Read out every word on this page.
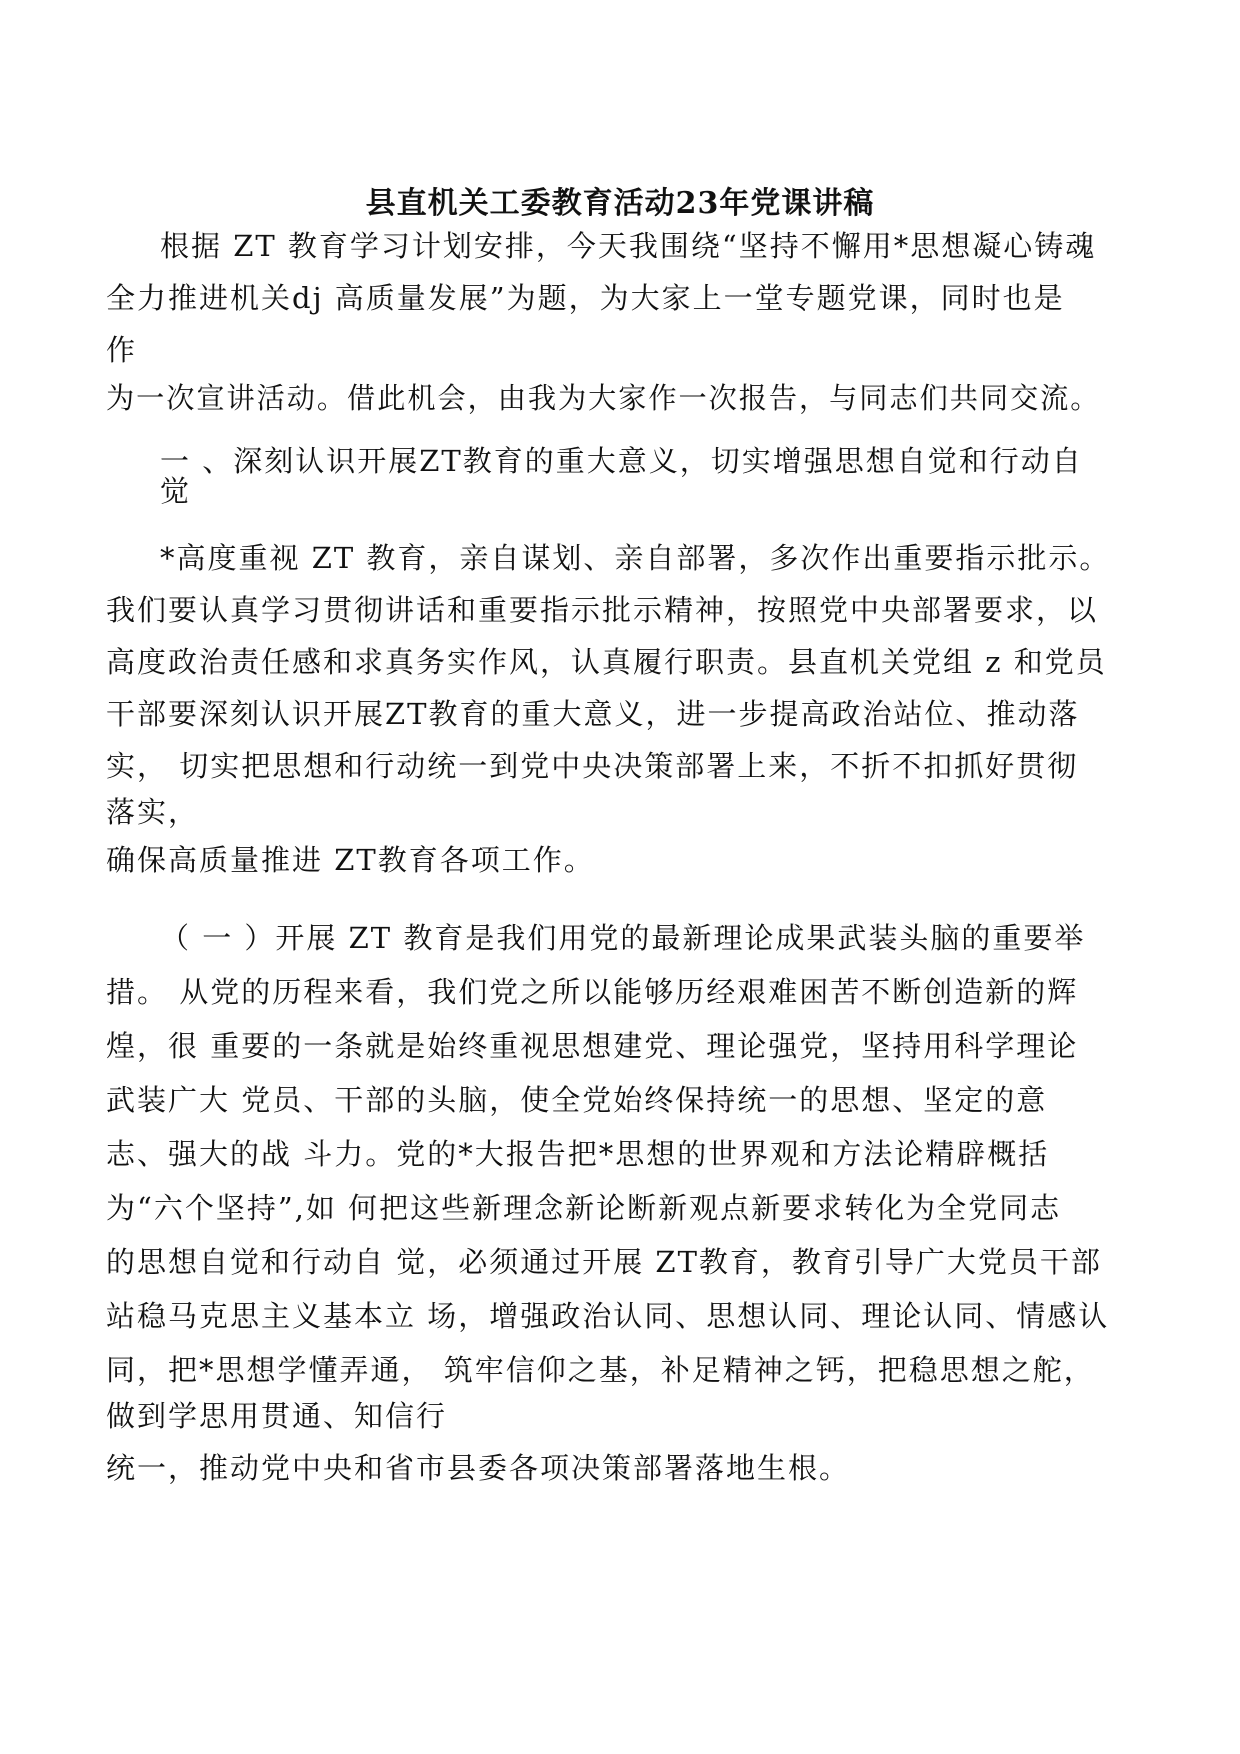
县直机关工委教育活动23年党课讲稿
根据 ZT 教育学习计划安排，今天我围绕“坚持不懈用*思想凝心铸魂
全力推进机关dj 高质量发展”为题，为大家上一堂专题党课，同时也是
作
为一次宣讲活动。借此机会，由我为大家作一次报告，与同志们共同交流。
一 、深刻认识开展ZT教育的重大意义，切实增强思想自觉和行动自
觉
*高度重视 ZT 教育，亲自谋划、亲自部署，多次作出重要指示批示。
我们要认真学习贯彻讲话和重要指示批示精神，按照党中央部署要求，以
高度政治责任感和求真务实作风，认真履行职责。县直机关党组 z 和党员
干部要深刻认识开展ZT教育的重大意义，进一步提高政治站位、推动落
实， 切实把思想和行动统一到党中央决策部署上来，不折不扣抓好贯彻
落实，
确保高质量推进 ZT教育各项工作。
（ 一 ）开展 ZT 教育是我们用党的最新理论成果武装头脑的重要举
措。 从党的历程来看，我们党之所以能够历经艰难困苦不断创造新的辉
煌，很 重要的一条就是始终重视思想建党、理论强党，坚持用科学理论
武装广大 党员、干部的头脑，使全党始终保持统一的思想、坚定的意
志、强大的战 斗力。党的*大报告把*思想的世界观和方法论精辟概括
为“六个坚持”,如 何把这些新理念新论断新观点新要求转化为全党同志
的思想自觉和行动自 觉，必须通过开展 ZT教育，教育引导广大党员干部
站稳马克思主义基本立 场，增强政治认同、思想认同、理论认同、情感认
同，把*思想学懂弄通， 筑牢信仰之基，补足精神之钙，把稳思想之舵，
做到学思用贯通、知信行
统一，推动党中央和省市县委各项决策部署落地生根。
